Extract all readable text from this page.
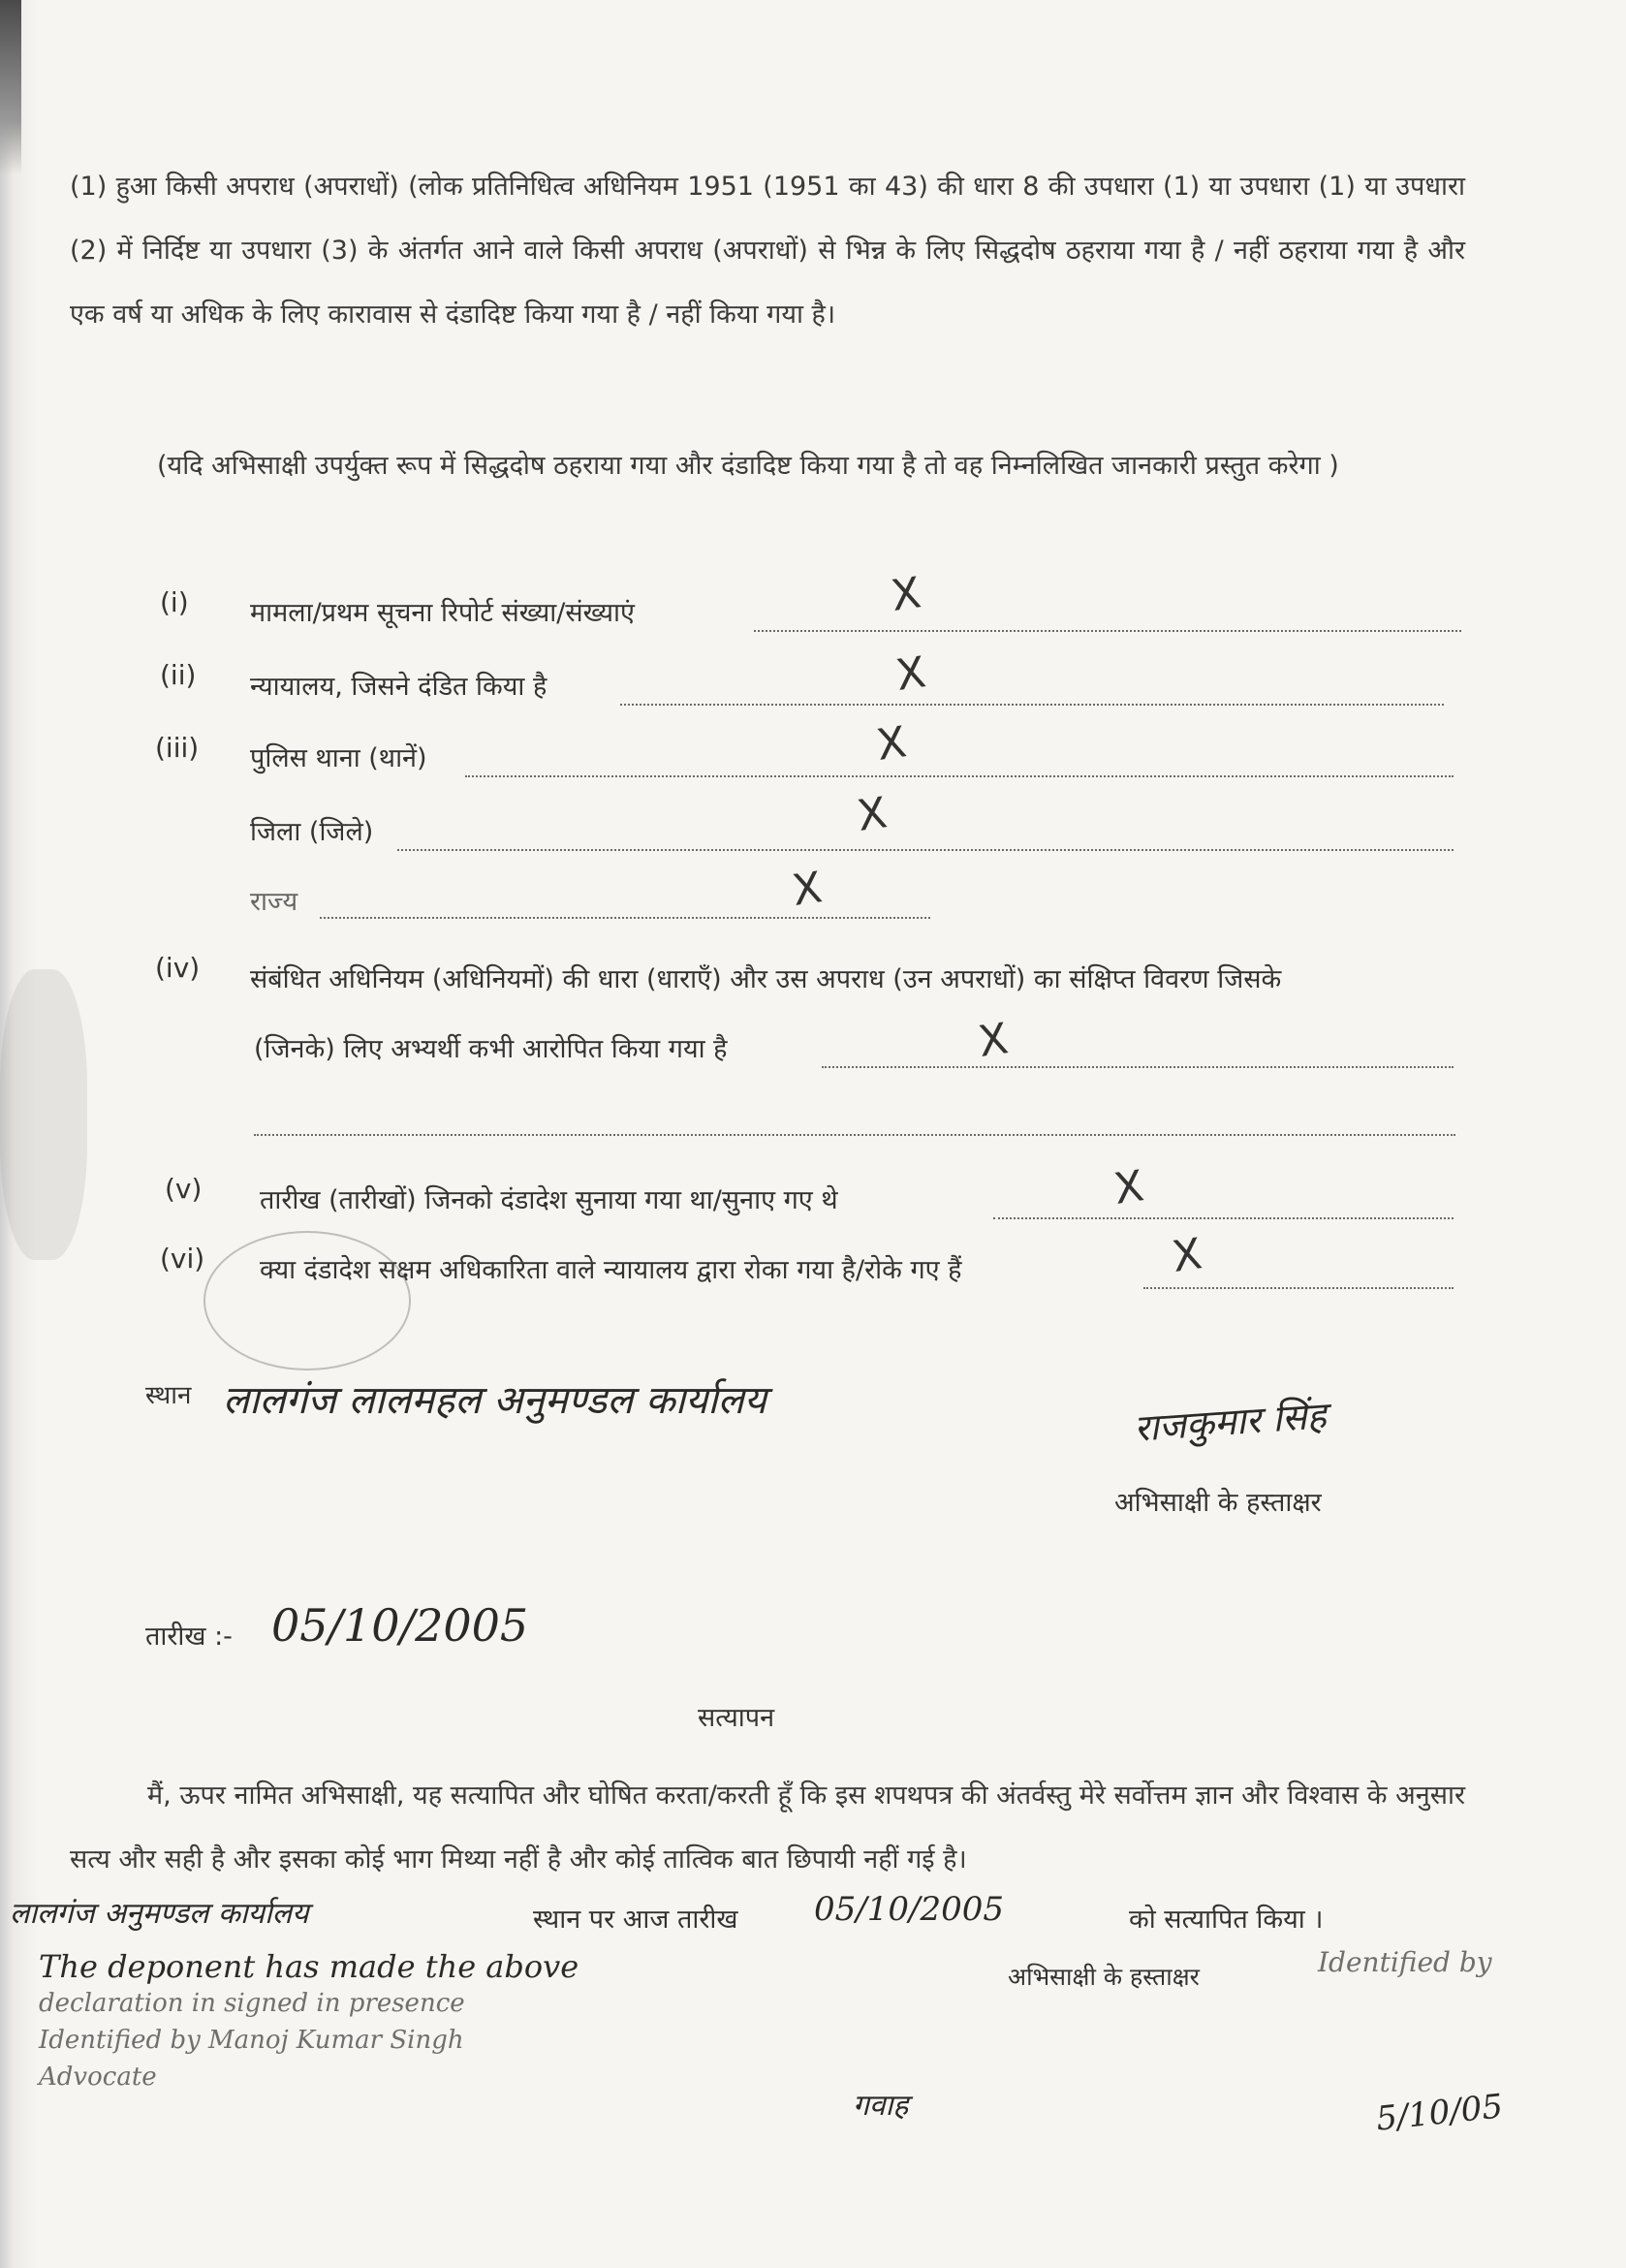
(1) हुआ किसी अपराध (अपराधों) (लोक प्रतिनिधित्व अधिनियम 1951 (1951 का 43) की धारा 8 की उपधारा (1) या उपधारा (1) या उपधारा (2) में निर्दिष्ट या उपधारा (3) के अंतर्गत आने वाले किसी अपराध (अपराधों) से भिन्न के लिए सिद्धदोष ठहराया गया है / नहीं ठहराया गया है और एक वर्ष या अधिक के लिए कारावास से दंडादिष्ट किया गया है / नहीं किया गया है।
(यदि अभिसाक्षी उपर्युक्त रूप में सिद्धदोष ठहराया गया और दंडादिष्ट किया गया है तो वह निम्नलिखित जानकारी प्रस्तुत करेगा )
(i) मामला/प्रथम सूचना रिपोर्ट संख्या/संख्याएं	X
(ii) न्यायालय, जिसने दंडित किया है	X
(iii) पुलिस थाना (थानें)	X
जिला (जिले)	X
राज्य	X
(iv) संबंधित अधिनियम (अधिनियमों) की धारा (धाराएँ) और उस अपराध (उन अपराधों) का संक्षिप्त विवरण जिसके
(जिनके) लिए अभ्यर्थी कभी आरोपित किया गया है	X
(v) तारीख (तारीखों) जिनको दंडादेश सुनाया गया था/सुनाए गए थे	X
(vi) क्या दंडादेश सक्षम अधिकारिता वाले न्यायालय द्वारा रोका गया है/रोके गए हैं	X
स्थान लालगंज लालमहल अनुमण्डल कार्यालय	राजकुमार सिंह
अभिसाक्षी के हस्ताक्षर
तारीख :- 05/10/2005
सत्यापन
मैं, ऊपर नामित अभिसाक्षी, यह सत्यापित और घोषित करता/करती हूँ कि इस शपथपत्र की अंतर्वस्तु मेरे सर्वोत्तम ज्ञान और विश्वास के अनुसार सत्य और सही है और इसका कोई भाग मिथ्या नहीं है और कोई तात्विक बात छिपायी नहीं गई है।
लालगंज अनुमण्डल कार्यालय	स्थान पर आज तारीख 05/10/2005	को सत्यापित किया ।
The deponent has made the above
declaration in signed in presence
Identified by Manoj Kumar Singh
Advocate
अभिसाक्षी के हस्ताक्षर	Identified by
गवाह	5/10/05
